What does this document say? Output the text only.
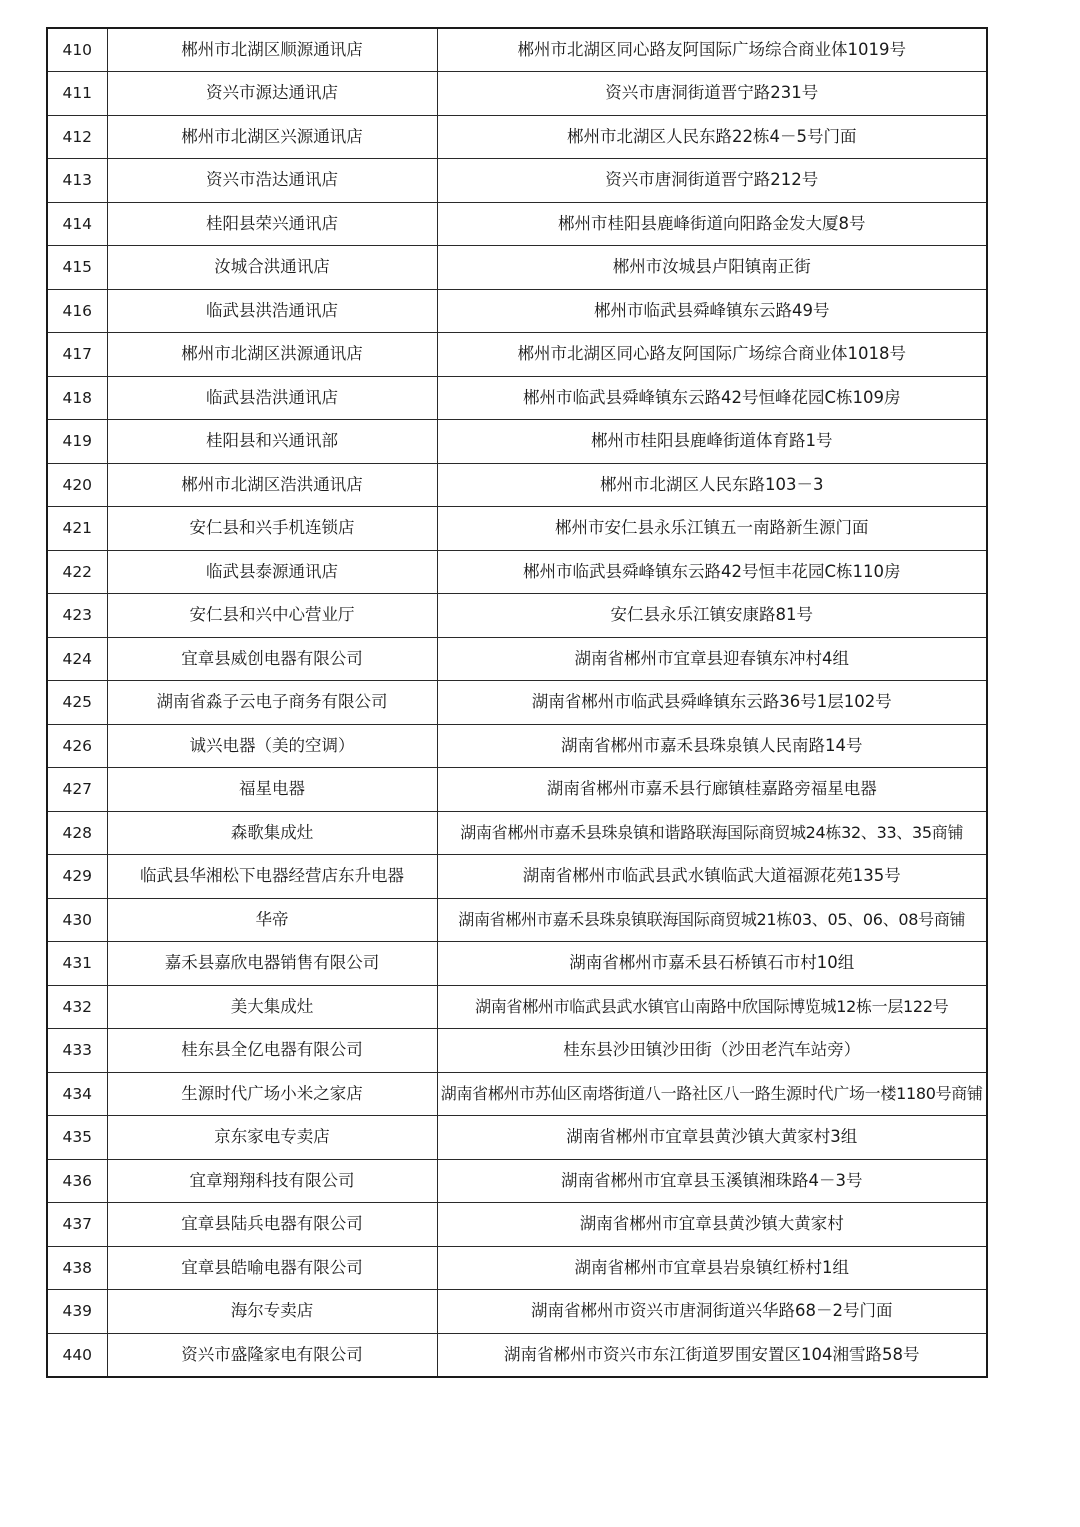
410	郴州市北湖区顺源通讯店	郴州市北湖区同心路友阿国际广场综合商业体1019号
411	资兴市源达通讯店	资兴市唐洞街道晋宁路231号
412	郴州市北湖区兴源通讯店	郴州市北湖区人民东路22栋4－5号门面
413	资兴市浩达通讯店	资兴市唐洞街道晋宁路212号
414	桂阳县荣兴通讯店	郴州市桂阳县鹿峰街道向阳路金发大厦8号
415	汝城合洪通讯店	郴州市汝城县卢阳镇南正街
416	临武县洪浩通讯店	郴州市临武县舜峰镇东云路49号
417	郴州市北湖区洪源通讯店	郴州市北湖区同心路友阿国际广场综合商业体1018号
418	临武县浩洪通讯店	郴州市临武县舜峰镇东云路42号恒峰花园C栋109房
419	桂阳县和兴通讯部	郴州市桂阳县鹿峰街道体育路1号
420	郴州市北湖区浩洪通讯店	郴州市北湖区人民东路103－3
421	安仁县和兴手机连锁店	郴州市安仁县永乐江镇五一南路新生源门面
422	临武县泰源通讯店	郴州市临武县舜峰镇东云路42号恒丰花园C栋110房
423	安仁县和兴中心营业厅	安仁县永乐江镇安康路81号
424	宜章县威创电器有限公司	湖南省郴州市宜章县迎春镇东冲村4组
425	湖南省淼子云电子商务有限公司	湖南省郴州市临武县舜峰镇东云路36号1层102号
426	诚兴电器（美的空调）	湖南省郴州市嘉禾县珠泉镇人民南路14号
427	福星电器	湖南省郴州市嘉禾县行廊镇桂嘉路旁福星电器
428	森歌集成灶	湖南省郴州市嘉禾县珠泉镇和谐路联海国际商贸城24栋32、33、35商铺
429	临武县华湘松下电器经营店东升电器	湖南省郴州市临武县武水镇临武大道福源花苑135号
430	华帝	湖南省郴州市嘉禾县珠泉镇联海国际商贸城21栋03、05、06、08号商铺
431	嘉禾县嘉欣电器销售有限公司	湖南省郴州市嘉禾县石桥镇石市村10组
432	美大集成灶	湖南省郴州市临武县武水镇官山南路中欣国际博览城12栋一层122号
433	桂东县全亿电器有限公司	桂东县沙田镇沙田街（沙田老汽车站旁）
434	生源时代广场小米之家店	湖南省郴州市苏仙区南塔街道八一路社区八一路生源时代广场一楼1180号商铺
435	京东家电专卖店	湖南省郴州市宜章县黄沙镇大黄家村3组
436	宜章翔翔科技有限公司	湖南省郴州市宜章县玉溪镇湘珠路4－3号
437	宜章县陆兵电器有限公司	湖南省郴州市宜章县黄沙镇大黄家村
438	宜章县皓喻电器有限公司	湖南省郴州市宜章县岩泉镇红桥村1组
439	海尔专卖店	湖南省郴州市资兴市唐洞街道兴华路68－2号门面
440	资兴市盛隆家电有限公司	湖南省郴州市资兴市东江街道罗围安置区104湘雪路58号
